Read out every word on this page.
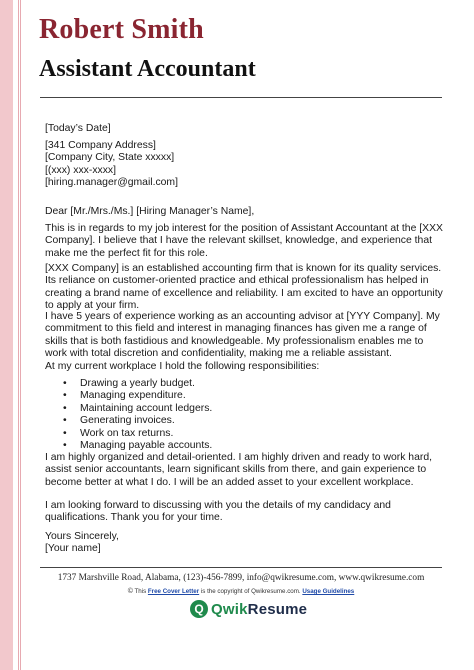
Robert Smith
Assistant Accountant
[Today’s Date]
[341 Company Address]
[Company City, State xxxxx]
[(xxx) xxx-xxxx]
[hiring.manager@gmail.com]
Dear [Mr./Mrs./Ms.] [Hiring Manager’s Name],

This is in regards to my job interest for the position of Assistant Accountant at the [XXX Company]. I believe that I have the relevant skillset, knowledge, and experience that make me the perfect fit for this role.

[XXX Company] is an established accounting firm that is known for its quality services. Its reliance on customer-oriented practice and ethical professionalism has helped in creating a brand name of excellence and reliability. I am excited to have an opportunity to apply at your firm.

I have 5 years of experience working as an accounting advisor at [YYY Company]. My commitment to this field and interest in managing finances has given me a range of skills that is both fastidious and knowledgeable. My professionalism enables me to work with total discretion and confidentiality, making me a reliable assistant.

At my current workplace I hold the following responsibilities:

• Drawing a yearly budget.
• Managing expenditure.
• Maintaining account ledgers.
• Generating invoices.
• Work on tax returns.
• Managing payable accounts.

I am highly organized and detail-oriented. I am highly driven and ready to work hard, assist senior accountants, learn significant skills from there, and gain experience to become better at what I do. I will be an added asset to your excellent workplace.

I am looking forward to discussing with you the details of my candidacy and qualifications. Thank you for your time.

Yours Sincerely,
[Your name]
1737 Marshville Road, Alabama, (123)-456-7899, info@qwikresume.com, www.qwikresume.com
© This Free Cover Letter is the copyright of Qwikresume.com. Usage Guidelines
Q QwikResume
